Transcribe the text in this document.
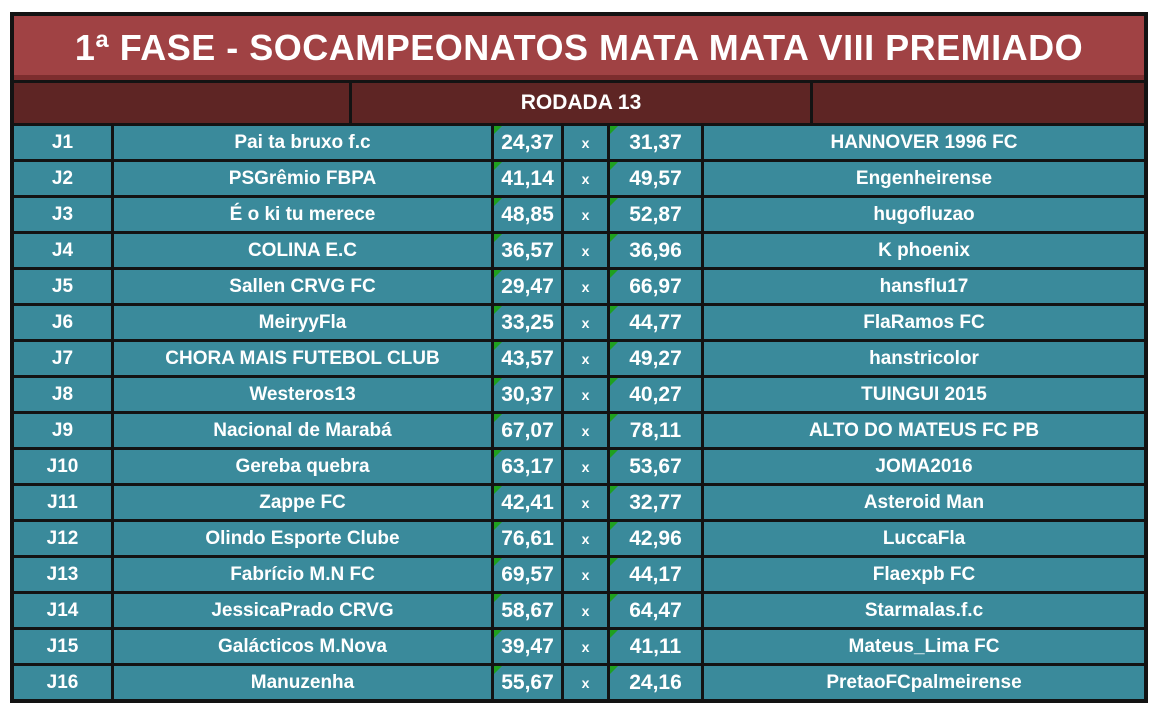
1ª FASE - SOCAMPEONATOS MATA MATA VIII PREMIADO
RODADA 13
J1	Pai ta bruxo f.c	24,37	x	31,37	HANNOVER 1996 FC
J2	PSGrêmio FBPA	41,14	x	49,57	Engenheirense
J3	É o ki tu merece	48,85	x	52,87	hugofluzao
J4	COLINA E.C	36,57	x	36,96	K phoenix
J5	Sallen CRVG FC	29,47	x	66,97	hansflu17
J6	MeiryyFla	33,25	x	44,77	FlaRamos FC
J7	CHORA MAIS FUTEBOL CLUB	43,57	x	49,27	hanstricolor
J8	Westeros13	30,37	x	40,27	TUINGUI 2015
J9	Nacional de Marabá	67,07	x	78,11	ALTO DO MATEUS FC PB
J10	Gereba quebra	63,17	x	53,67	JOMA2016
J11	Zappe FC	42,41	x	32,77	Asteroid Man
J12	Olindo Esporte Clube	76,61	x	42,96	LuccaFla
J13	Fabrício M.N FC	69,57	x	44,17	Flaexpb FC
J14	JessicaPrado CRVG	58,67	x	64,47	Starmalas.f.c
J15	Galácticos M.Nova	39,47	x	41,11	Mateus_Lima FC
J16	Manuzenha	55,67	x	24,16	PretaoFCpalmeirense
